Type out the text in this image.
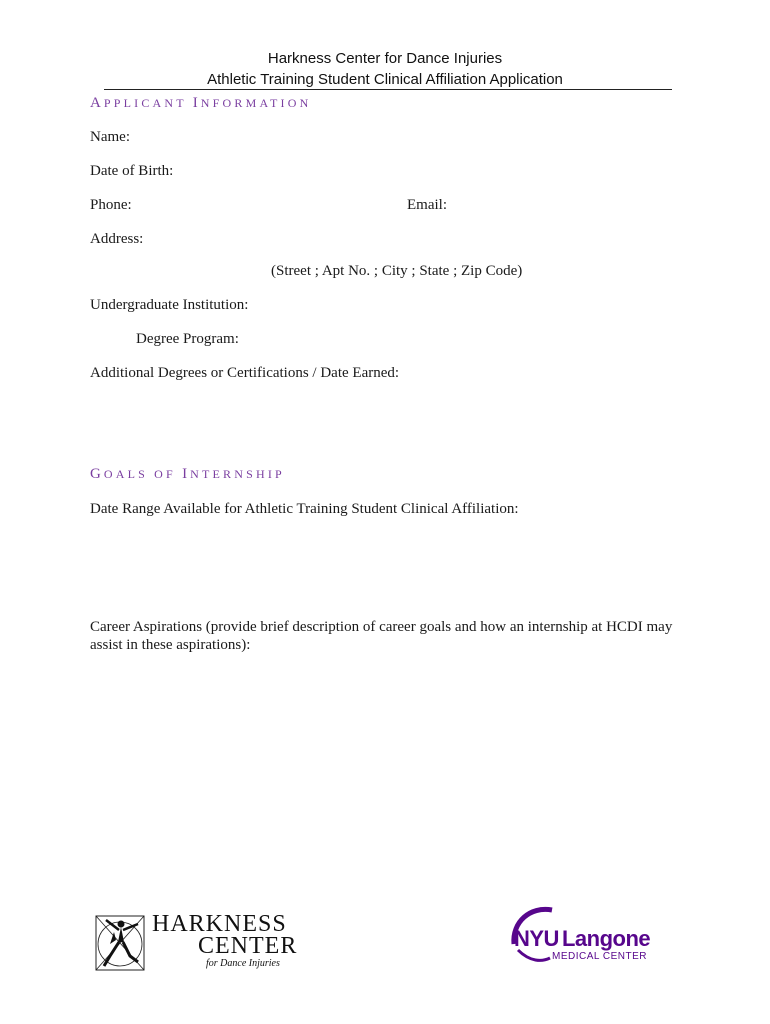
Harkness Center for Dance Injuries
Athletic Training Student Clinical Affiliation Application
APPLICANT INFORMATION
Name:
Date of Birth:
Phone:	Email:
Address:
(Street ; Apt No. ; City ; State ; Zip Code)
Undergraduate Institution:
Degree Program:
Additional Degrees or Certifications / Date Earned:
GOALS OF INTERNSHIP
Date Range Available for Athletic Training Student Clinical Affiliation:
Career Aspirations (provide brief description of career goals and how an internship at HCDI may assist in these aspirations):
HARKNESS
CENTER
for Dance Injuries
NYU Langone
MEDICAL CENTER
